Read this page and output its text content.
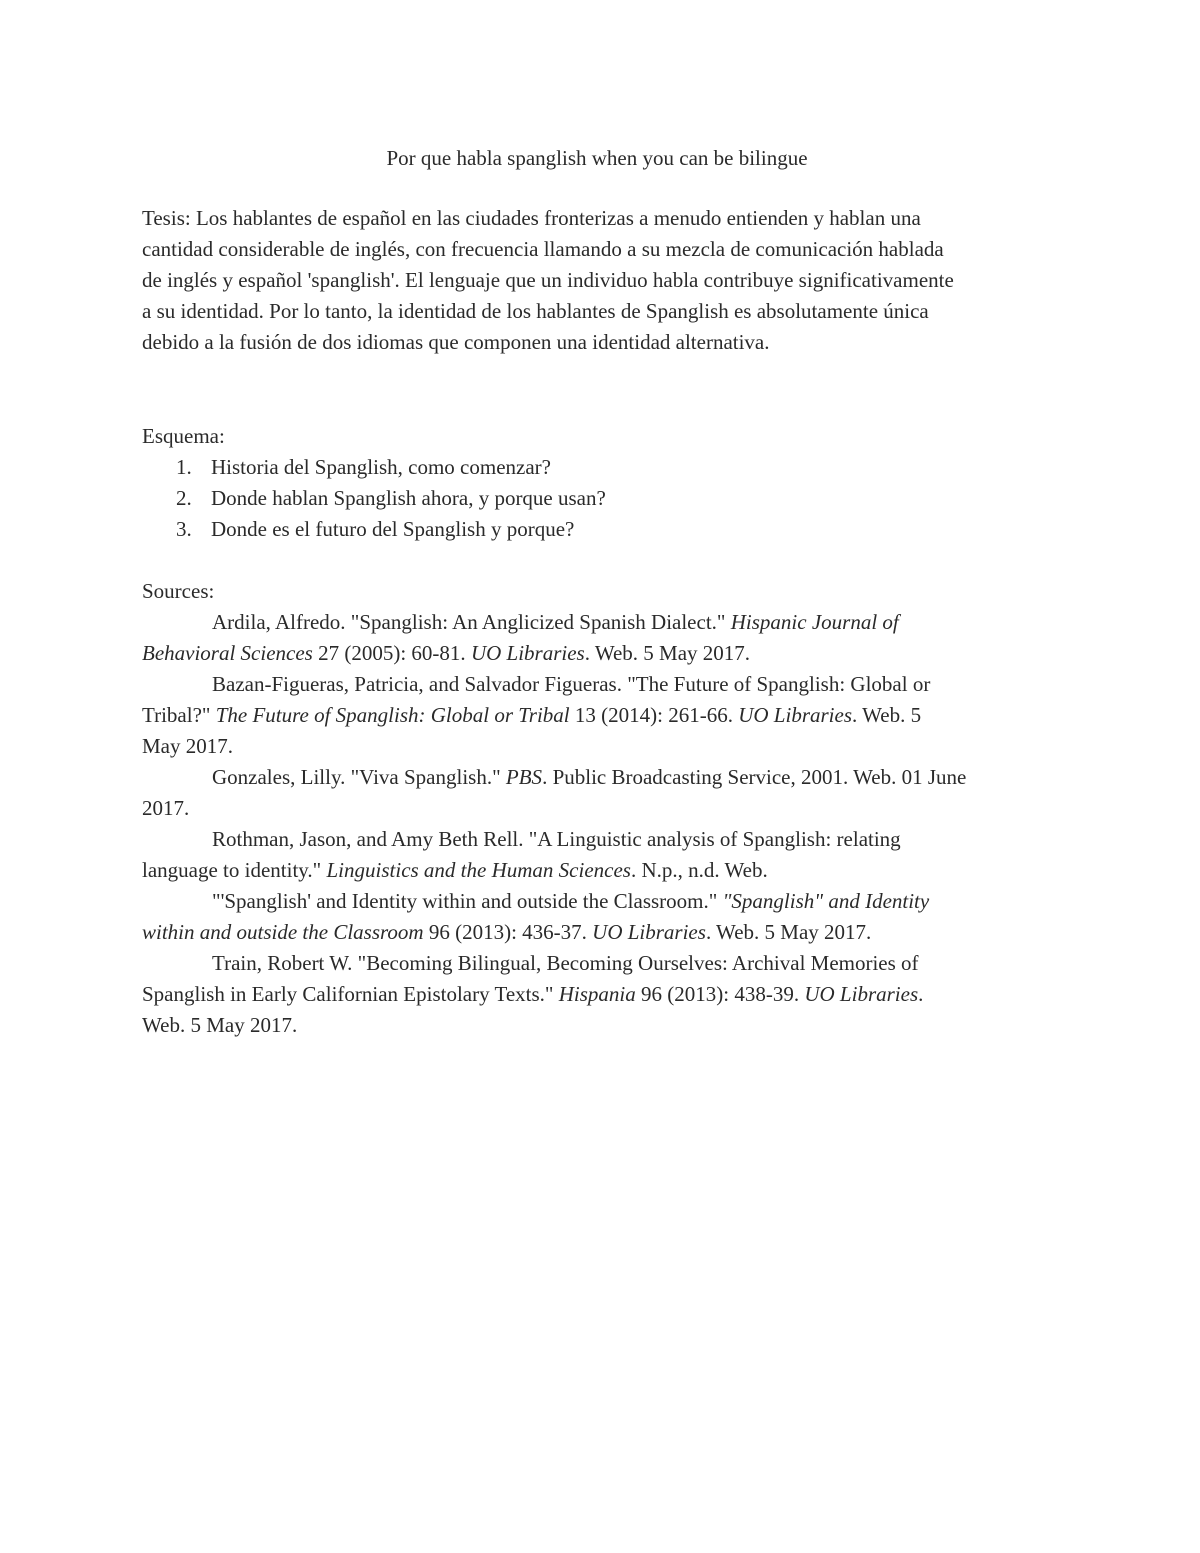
Por que habla spanglish when you can be bilingue
Tesis: Los hablantes de español en las ciudades fronterizas a menudo entienden y hablan una
cantidad considerable de inglés, con frecuencia llamando a su mezcla de comunicación hablada
de inglés y español 'spanglish'. El lenguaje que un individuo habla contribuye significativamente
a su identidad. Por lo tanto, la identidad de los hablantes de Spanglish es absolutamente única
debido a la fusión de dos idiomas que componen una identidad alternativa.
Esquema:
1. Historia del Spanglish, como comenzar?
2. Donde hablan Spanglish ahora, y porque usan?
3. Donde es el futuro del Spanglish y porque?
Sources:
Ardila, Alfredo. "Spanglish: An Anglicized Spanish Dialect." Hispanic Journal of
Behavioral Sciences 27 (2005): 60-81. UO Libraries. Web. 5 May 2017.
Bazan-Figueras, Patricia, and Salvador Figueras. "The Future of Spanglish: Global or
Tribal?" The Future of Spanglish: Global or Tribal 13 (2014): 261-66. UO Libraries. Web. 5
May 2017.
Gonzales, Lilly. "Viva Spanglish." PBS. Public Broadcasting Service, 2001. Web. 01 June
2017.
Rothman, Jason, and Amy Beth Rell. "A Linguistic analysis of Spanglish: relating
language to identity." Linguistics and the Human Sciences. N.p., n.d. Web.
"'Spanglish' and Identity within and outside the Classroom." "Spanglish" and Identity
within and outside the Classroom 96 (2013): 436-37. UO Libraries. Web. 5 May 2017.
Train, Robert W. "Becoming Bilingual, Becoming Ourselves: Archival Memories of
Spanglish in Early Californian Epistolary Texts." Hispania 96 (2013): 438-39. UO Libraries.
Web. 5 May 2017.
